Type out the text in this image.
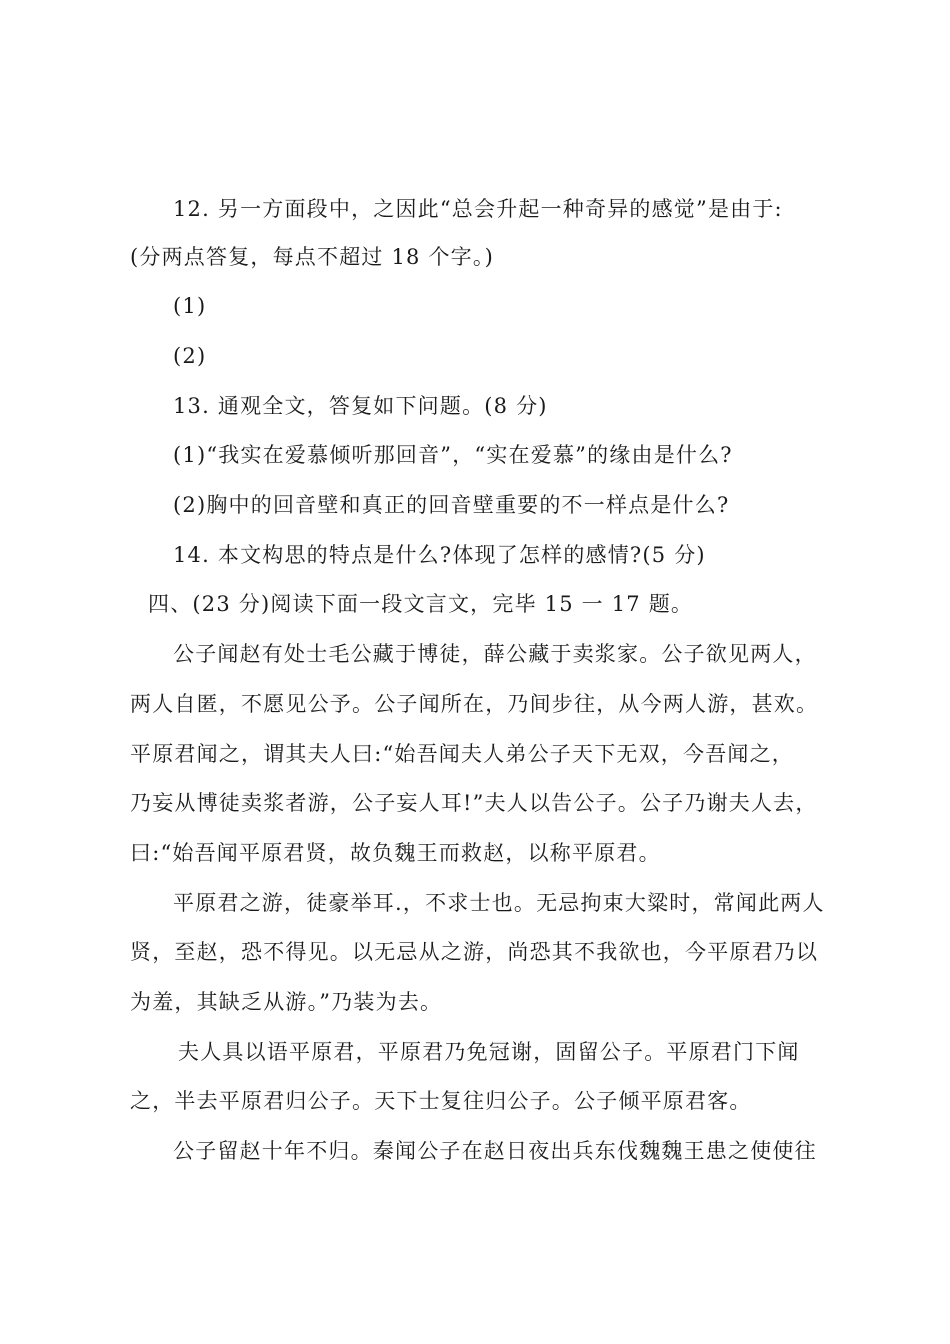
12. 另一方面段中，之因此“总会升起一种奇异的感觉”是由于:
(分两点答复，每点不超过 18 个字。)
(1)
(2)
13. 通观全文，答复如下问题。(8 分)
(1)“我实在爱慕倾听那回音”，“实在爱慕”的缘由是什么?
(2)胸中的回音壁和真正的回音壁重要的不一样点是什么?
14. 本文构思的特点是什么?体现了怎样的感情?(5 分)
四、(23 分)阅读下面一段文言文，完毕 15 一 17 题。
公子闻赵有处士毛公藏于博徒，薛公藏于卖浆家。公子欲见两人，
两人自匿，不愿见公予。公子闻所在，乃间步往，从今两人游，甚欢。
平原君闻之，谓其夫人曰:“始吾闻夫人弟公子天下无双，今吾闻之，
乃妄从博徒卖浆者游，公子妄人耳!”夫人以告公子。公子乃谢夫人去，
曰:“始吾闻平原君贤，故负魏王而救赵，以称平原君。
平原君之游，徒豪举耳.，不求士也。无忌拘束大粱时，常闻此两人
贤，至赵，恐不得见。以无忌从之游，尚恐其不我欲也，今平原君乃以
为羞，其缺乏从游。”乃装为去。
夫人具以语平原君，平原君乃免冠谢，固留公子。平原君门下闻
之，半去平原君归公子。天下士复往归公子。公子倾平原君客。
公子留赵十年不归。秦闻公子在赵日夜出兵东伐魏魏王患之使使往
